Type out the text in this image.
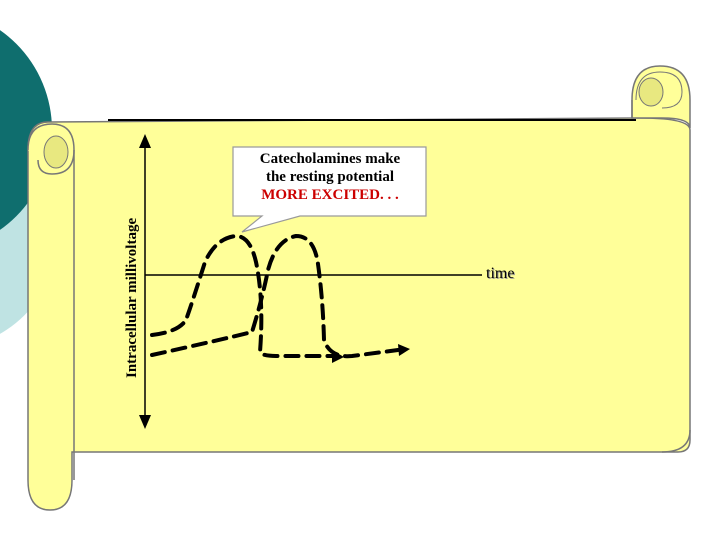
Intracellular millivoltage	time
Catecholamines make
the resting potential
MORE EXCITED. . .
